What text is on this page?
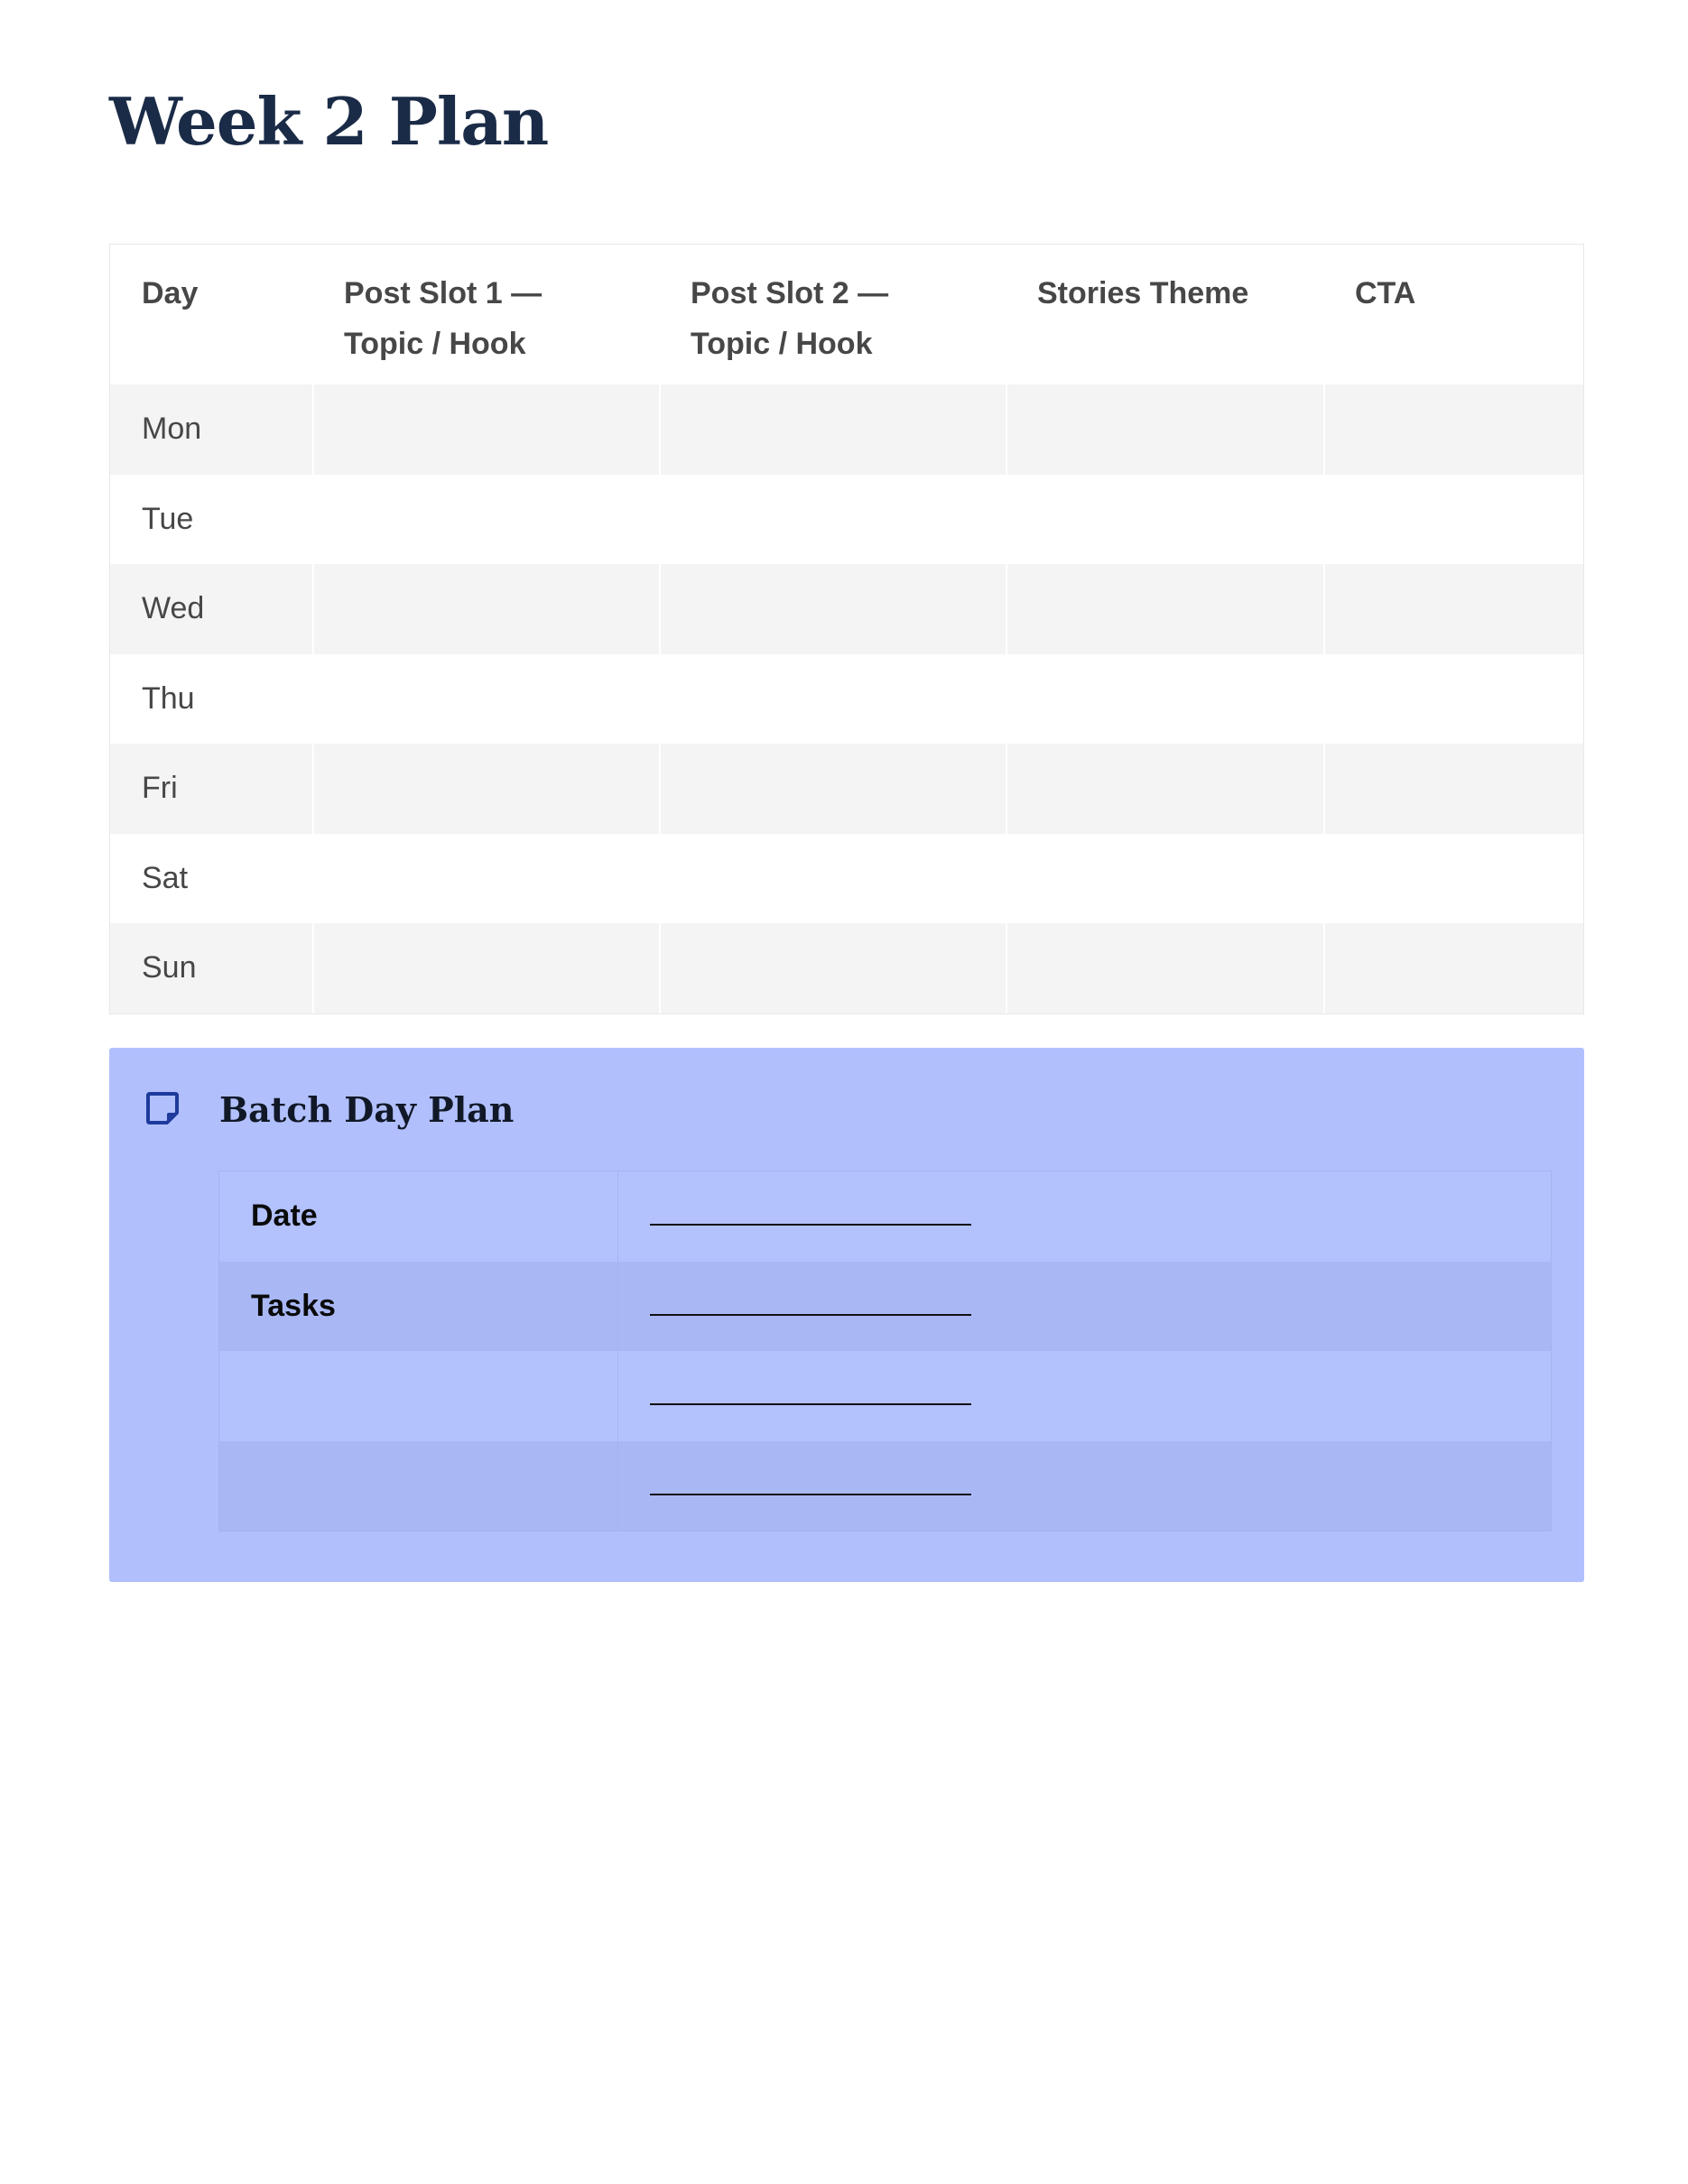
Week 2 Plan
Day	Post Slot 1 — Topic / Hook
Post Slot 2 — Topic / Hook
Stories Theme	CTA
Mon
Tue
Wed
Thu
Fri
Sat
Sun
Batch Day Plan
Date
Tasks
